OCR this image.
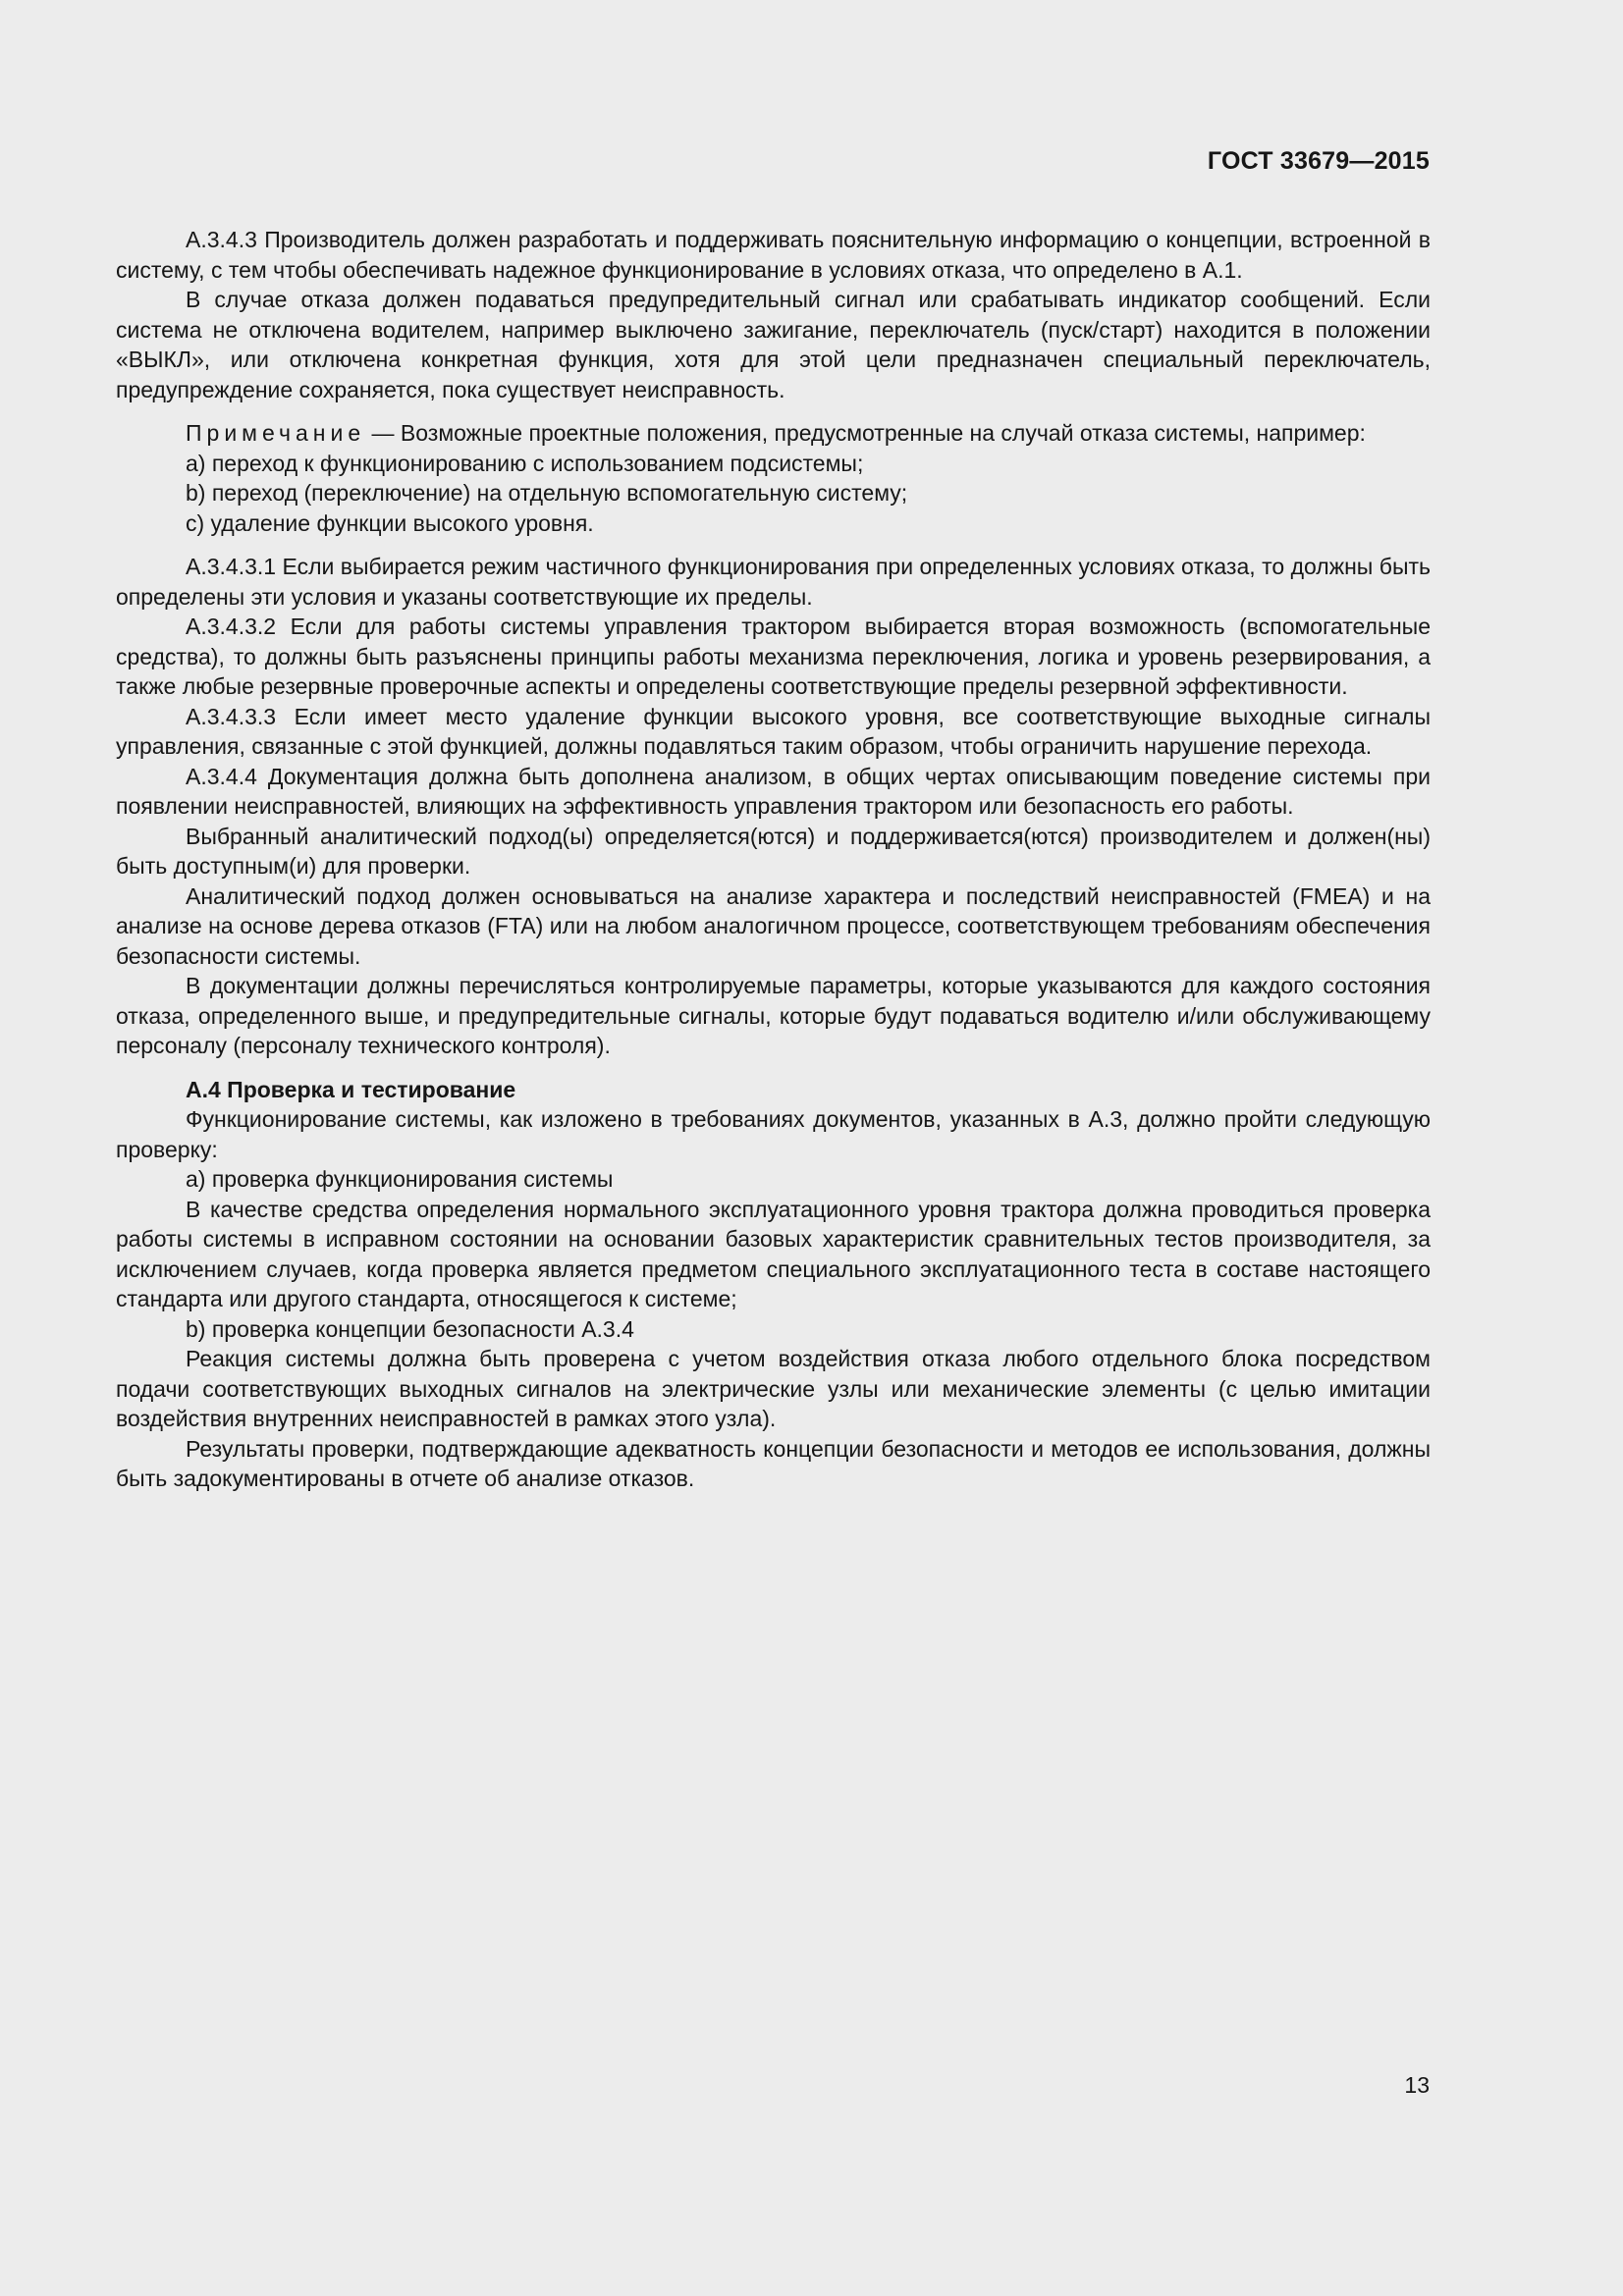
ГОСТ 33679—2015

А.3.4.3 Производитель должен разработать и поддерживать пояснительную информацию о концепции, встроенной в систему, с тем чтобы обеспечивать надежное функционирование в условиях отказа, что определено в А.1.

В случае отказа должен подаваться предупредительный сигнал или срабатывать индикатор сообщений. Если система не отключена водителем, например выключено зажигание, переключатель (пуск/старт) находится в положении «ВЫКЛ», или отключена конкретная функция, хотя для этой цели предназначен специальный переключатель, предупреждение сохраняется, пока существует неисправность.

Примечание — Возможные проектные положения, предусмотренные на случай отказа системы, например:

a) переход к функционированию с использованием подсистемы;

b) переход (переключение) на отдельную вспомогательную систему;

c) удаление функции высокого уровня.

А.3.4.3.1 Если выбирается режим частичного функционирования при определенных условиях отказа, то должны быть определены эти условия и указаны соответствующие их пределы.

А.3.4.3.2 Если для работы системы управления трактором выбирается вторая возможность (вспомогательные средства), то должны быть разъяснены принципы работы механизма переключения, логика и уровень резервирования, а также любые резервные проверочные аспекты и определены соответствующие пределы резервной эффективности.

А.3.4.3.3 Если имеет место удаление функции высокого уровня, все соответствующие выходные сигналы управления, связанные с этой функцией, должны подавляться таким образом, чтобы ограничить нарушение перехода.

А.3.4.4 Документация должна быть дополнена анализом, в общих чертах описывающим поведение системы при появлении неисправностей, влияющих на эффективность управления трактором или безопасность его работы.

Выбранный аналитический подход(ы) определяется(ются) и поддерживается(ются) производителем и должен(ны) быть доступным(и) для проверки.

Аналитический подход должен основываться на анализе характера и последствий неисправностей (FMEA) и на анализе на основе дерева отказов (FTA) или на любом аналогичном процессе, соответствующем требованиям обеспечения безопасности системы.

В документации должны перечисляться контролируемые параметры, которые указываются для каждого состояния отказа, определенного выше, и предупредительные сигналы, которые будут подаваться водителю и/или обслуживающему персоналу (персоналу технического контроля).

А.4 Проверка и тестирование

Функционирование системы, как изложено в требованиях документов, указанных в А.3, должно пройти следующую проверку:

a) проверка функционирования системы

В качестве средства определения нормального эксплуатационного уровня трактора должна проводиться проверка работы системы в исправном состоянии на основании базовых характеристик сравнительных тестов производителя, за исключением случаев, когда проверка является предметом специального эксплуатационного теста в составе настоящего стандарта или другого стандарта, относящегося к системе;

b) проверка концепции безопасности А.3.4

Реакция системы должна быть проверена с учетом воздействия отказа любого отдельного блока посредством подачи соответствующих выходных сигналов на электрические узлы или механические элементы (с целью имитации воздействия внутренних неисправностей в рамках этого узла).

Результаты проверки, подтверждающие адекватность концепции безопасности и методов ее использования, должны быть задокументированы в отчете об анализе отказов.

13
